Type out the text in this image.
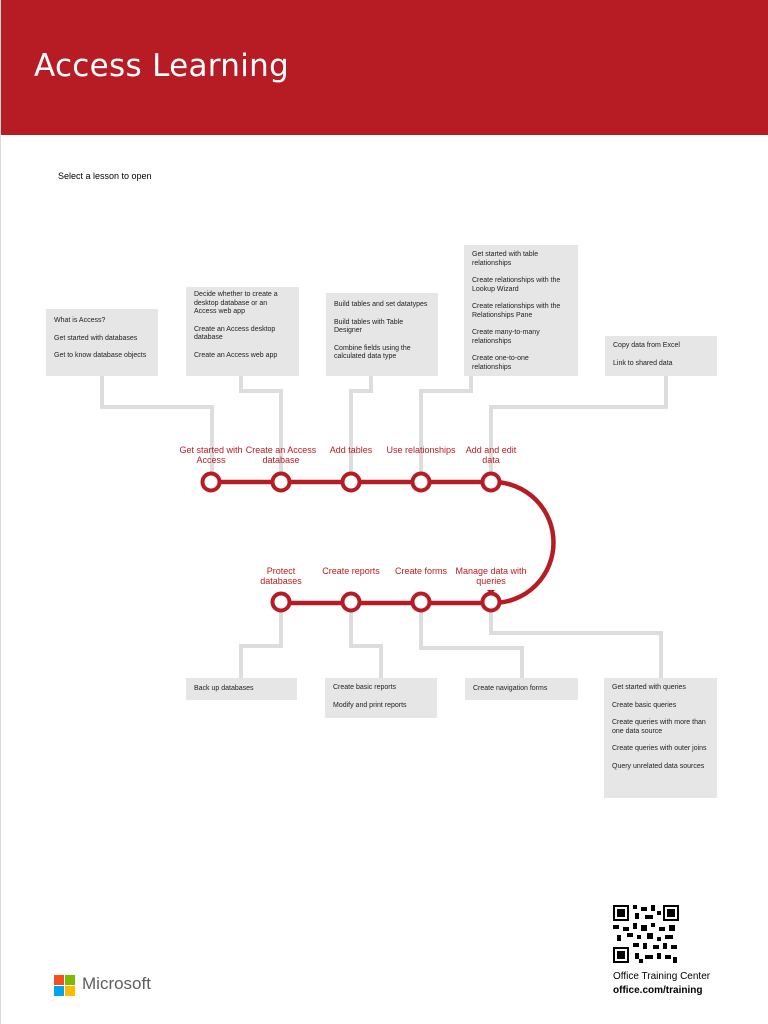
Access Learning
Select a lesson to open
Get started with Access
Create an Access database
Add tables	Use relationships	Add and edit data
Manage data with queries
Create forms
Create reports
Protect databases
What is Access?
Get started with databases
Get to know database objects
Decide whether to create a desktop database or an Access web app
Create an Access desktop database
Create an Access web app
Build tables and set datatypes
Build tables with Table Designer
Combine fields using the calculated data type
Get started with table relationships
Create relationships with the Lookup Wizard
Create relationships with the Relationships Pane
Create many-to-many relationships
Create one-to-one relationships
Copy data from Excel
Link to shared data
Back up databases	Create basic reports
Modify and print reports
Create navigation forms	Get started with queries
Create basic queries
Create queries with more than one data source
Create queries with outer joins
Query unrelated data sources
Microsoft	Office Training Center
office.com/training
